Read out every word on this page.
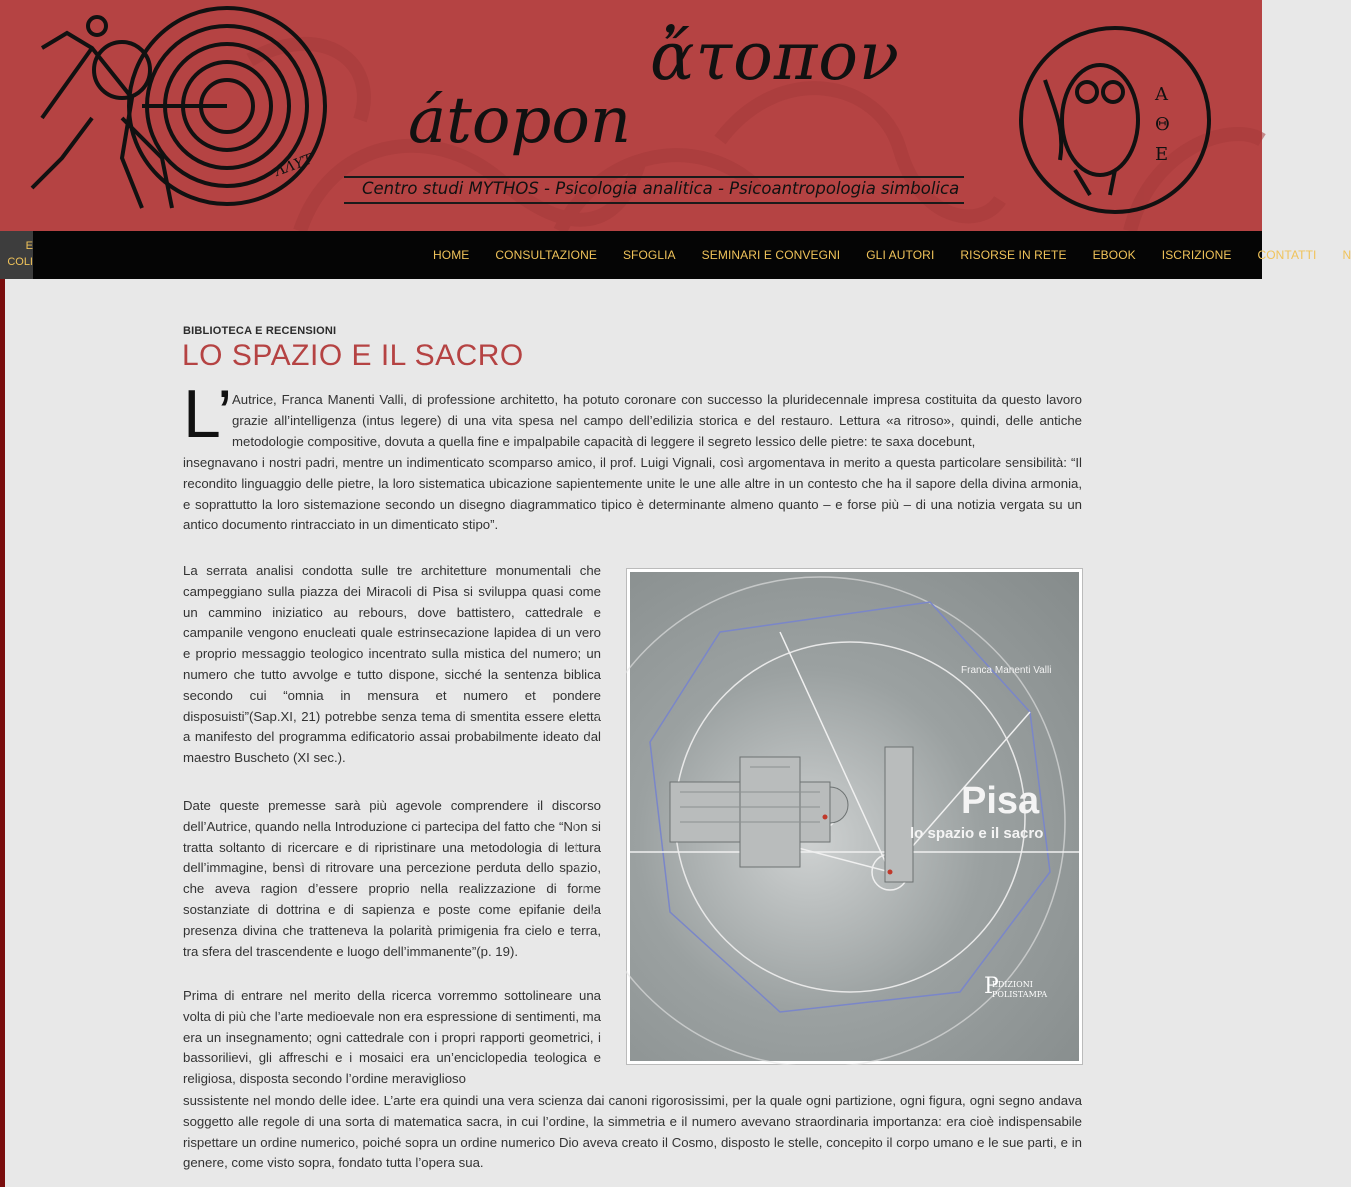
ΛΛΥΤ
ἄτοπον
átopon
Centro studi MYTHOS - Psicologia analitica - Psicoantropologia simbolica
Α
Θ
Ε
E
COLI	HOME CONSULTAZIONE SFOGLIA SEMINARI E CONVEGNI GLI AUTORI RISORSE IN RETE EBOOK ISCRIZIONE CONTATTI N
BIBLIOTECA E RECENSIONI
LO SPAZIO E IL SACRO
L’ Autrice, Franca Manenti Valli, di professione architetto, ha potuto coronare con successo la pluridecennale impresa costituita da questo lavoro grazie all’intelligenza (intus legere) di una vita spesa nel campo dell’edilizia storica e del restauro. Lettura «a ritroso», quindi, delle antiche metodologie compositive, dovuta a quella fine e impalpabile capacità di leggere il segreto lessico delle pietre: te saxa docebunt,

insegnavano i nostri padri, mentre un indimenticato scomparso amico, il prof. Luigi Vignali, così argomentava in merito a questa particolare sensibilità: “Il recondito linguaggio delle pietre, la loro sistematica ubicazione sapientemente unite le une alle altre in un contesto che ha il sapore della divina armonia, e soprattutto la loro sistemazione secondo un disegno diagrammatico tipico è determinante almeno quanto – e forse più – di una notizia vergata su un antico documento rintracciato in un dimenticato stipo”.

La serrata analisi condotta sulle tre architetture monumentali che campeggiano sulla piazza dei Miracoli di Pisa si sviluppa quasi come un cammino iniziatico au rebours, dove battistero, cattedrale e campanile vengono enucleati quale estrinsecazione lapidea di un vero e proprio messaggio teologico incentrato sulla mistica del numero; un numero che tutto avvolge e tutto dispone, sicché la sentenza biblica secondo cui “omnia in mensura et numero et pondere disposuisti”(Sap.XI, 21) potrebbe senza tema di smentita essere eletta a manifesto del programma edificatorio assai probabilmente ideato dal maestro Buscheto (XI sec.).

Date queste premesse sarà più agevole comprendere il discorso dell’Autrice, quando nella Introduzione ci partecipa del fatto che “Non si tratta soltanto di ricercare e di ripristinare una metodologia di lettura dell’immagine, bensì di ritrovare una percezione perduta dello spazio, che aveva ragion d’essere proprio nella realizzazione di forme sostanziate di dottrina e di sapienza e poste come epifanie della presenza divina che tratteneva la polarità primigenia fra cielo e terra, tra sfera del trascendente e luogo dell’immanente”(p. 19).

Prima di entrare nel merito della ricerca vorremmo sottolineare una volta di più che l’arte medioevale non era espressione di sentimenti, ma era un insegnamento; ogni cattedrale con i propri rapporti geometrici, i bassorilievi, gli affreschi e i mosaici era un’enciclopedia teologica e religiosa, disposta secondo l’ordine meraviglioso

sussistente nel mondo delle idee. L’arte era quindi una vera scienza dai canoni rigorosissimi, per la quale ogni partizione, ogni figura, ogni segno andava soggetto alle regole di una sorta di matematica sacra, in cui l’ordine, la simmetria e il numero avevano straordinaria importanza: era cioè indispensabile rispettare un ordine numerico, poiché sopra un ordine numerico Dio aveva creato il Cosmo, disposto le stelle, concepito il corpo umano e le sue parti, e in genere, come visto sopra, fondato tutta l’opera sua.

Franca Manenti Valli
Pisa
lo spazio e il sacro
P
EDIZIONI
POLISTAMPA
